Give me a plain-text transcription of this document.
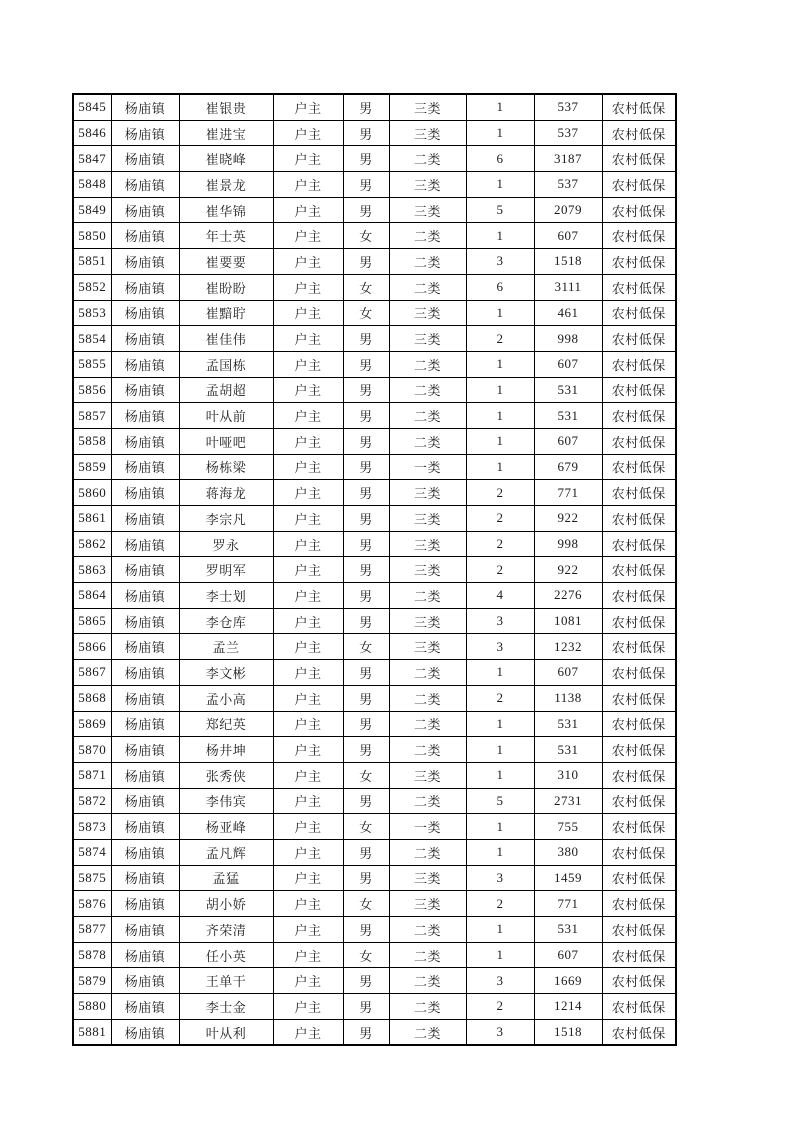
5845	杨庙镇	崔银贵	户主	男	三类	1	537	农村低保
5846	杨庙镇	崔进宝	户主	男	三类	1	537	农村低保
5847	杨庙镇	崔晓峰	户主	男	二类	6	3187	农村低保
5848	杨庙镇	崔景龙	户主	男	三类	1	537	农村低保
5849	杨庙镇	崔华锦	户主	男	三类	5	2079	农村低保
5850	杨庙镇	年士英	户主	女	二类	1	607	农村低保
5851	杨庙镇	崔要要	户主	男	二类	3	1518	农村低保
5852	杨庙镇	崔盼盼	户主	女	二类	6	3111	农村低保
5853	杨庙镇	崔黯聍	户主	女	三类	1	461	农村低保
5854	杨庙镇	崔佳伟	户主	男	三类	2	998	农村低保
5855	杨庙镇	孟国栋	户主	男	二类	1	607	农村低保
5856	杨庙镇	孟胡超	户主	男	二类	1	531	农村低保
5857	杨庙镇	叶从前	户主	男	二类	1	531	农村低保
5858	杨庙镇	叶哑吧	户主	男	二类	1	607	农村低保
5859	杨庙镇	杨栋梁	户主	男	一类	1	679	农村低保
5860	杨庙镇	蒋海龙	户主	男	三类	2	771	农村低保
5861	杨庙镇	李宗凡	户主	男	三类	2	922	农村低保
5862	杨庙镇	罗永	户主	男	三类	2	998	农村低保
5863	杨庙镇	罗明军	户主	男	三类	2	922	农村低保
5864	杨庙镇	李士划	户主	男	二类	4	2276	农村低保
5865	杨庙镇	李仓库	户主	男	三类	3	1081	农村低保
5866	杨庙镇	孟兰	户主	女	三类	3	1232	农村低保
5867	杨庙镇	李文彬	户主	男	二类	1	607	农村低保
5868	杨庙镇	孟小高	户主	男	二类	2	1138	农村低保
5869	杨庙镇	郑纪英	户主	男	二类	1	531	农村低保
5870	杨庙镇	杨井坤	户主	男	二类	1	531	农村低保
5871	杨庙镇	张秀侠	户主	女	三类	1	310	农村低保
5872	杨庙镇	李伟宾	户主	男	二类	5	2731	农村低保
5873	杨庙镇	杨亚峰	户主	女	一类	1	755	农村低保
5874	杨庙镇	孟凡辉	户主	男	二类	1	380	农村低保
5875	杨庙镇	孟猛	户主	男	三类	3	1459	农村低保
5876	杨庙镇	胡小娇	户主	女	三类	2	771	农村低保
5877	杨庙镇	齐荣清	户主	男	二类	1	531	农村低保
5878	杨庙镇	任小英	户主	女	二类	1	607	农村低保
5879	杨庙镇	王单干	户主	男	二类	3	1669	农村低保
5880	杨庙镇	李士金	户主	男	二类	2	1214	农村低保
5881	杨庙镇	叶从利	户主	男	二类	3	1518	农村低保
